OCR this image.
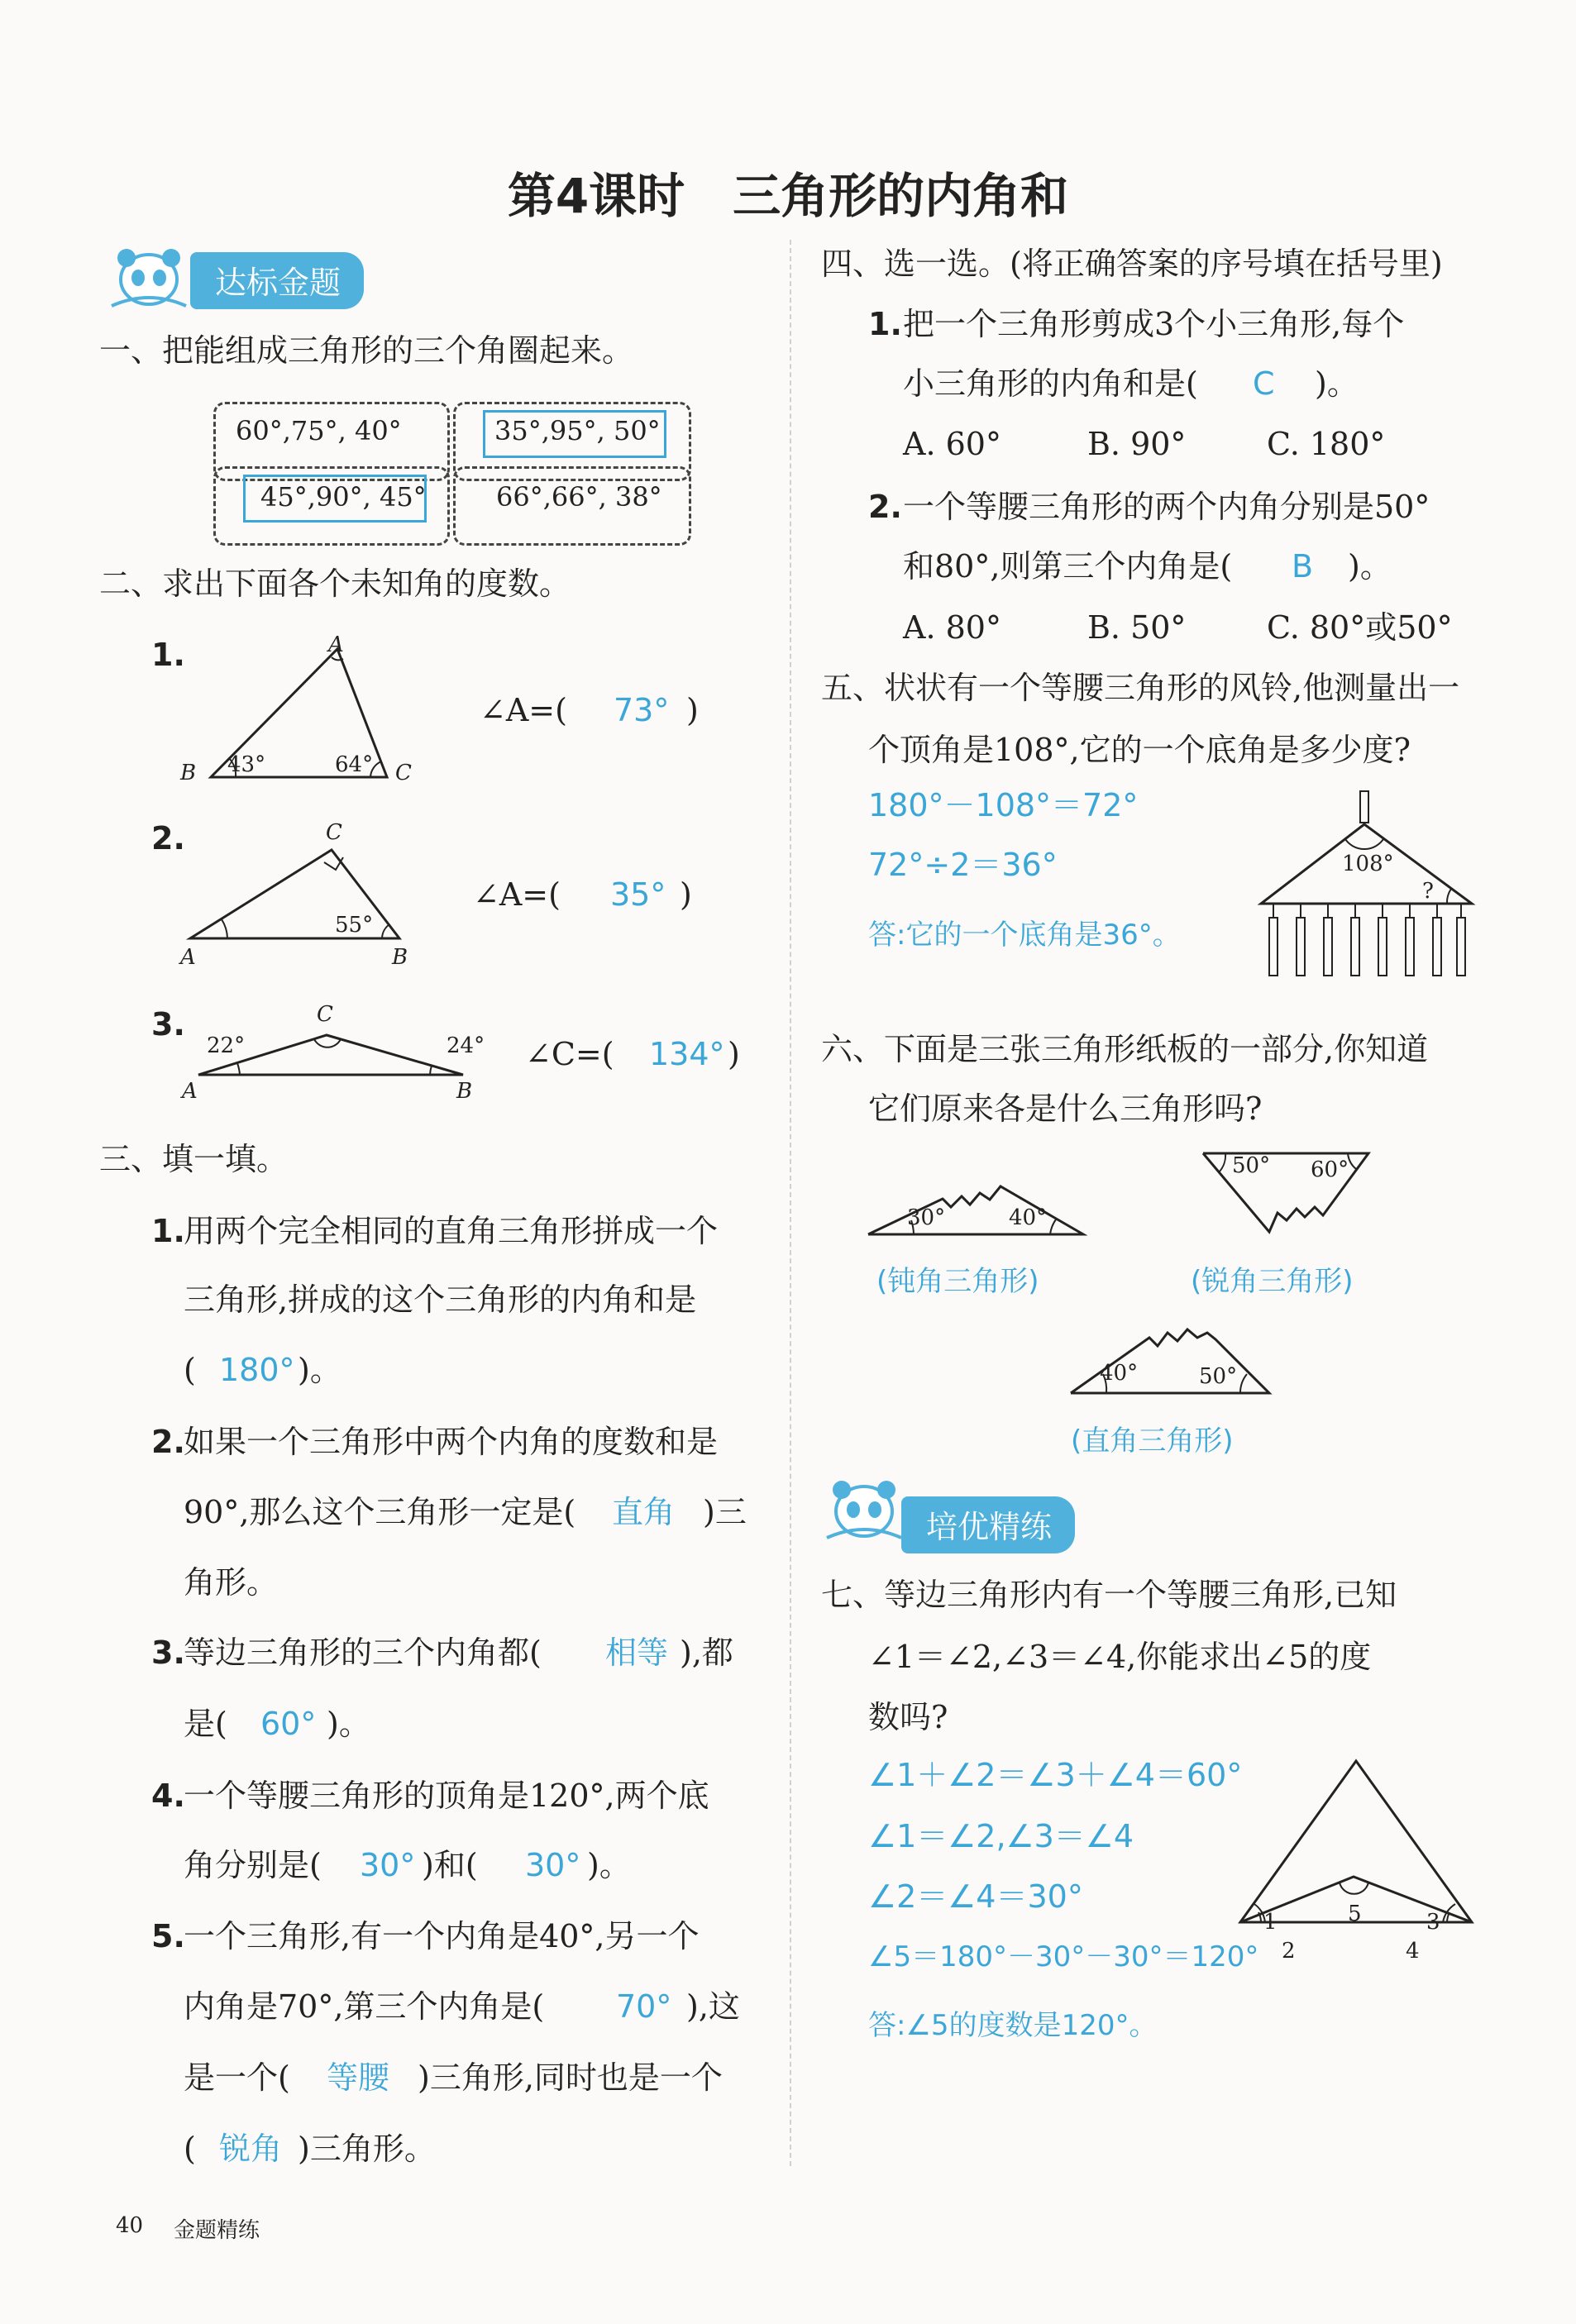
第4课时　三角形的内角和
达标金题
一、把能组成三角形的三个角圈起来。
60°,75°, 40°	35°,95°, 50°
45°,90°, 45°	66°,66°, 38°
二、求出下面各个未知角的度数。
1.	A
B	C
43°	64°
∠A=( 73° )
2.	C
A	B
55°
∠A=( 35° )
3.	C
A	B
22°	24° ∠C=( 134° )
三、填一填。
1.
用两个完全相同的直角三角形拼成一个
三角形,拼成的这个三角形的内角和是
( 180° )。
2.
如果一个三角形中两个内角的度数和是
90°,那么这个三角形一定是( 直角 )三
角形。
3.
等边三角形的三个内角都( 相等 ),都
是( 60° )。
4.
一个等腰三角形的顶角是120°,两个底
角分别是( 30° )和( 30° )。
5.
一个三角形,有一个内角是40°,另一个
内角是70°,第三个内角是( 70° ),这
是一个( 等腰 )三角形,同时也是一个
( 锐角 )三角形。
四、选一选。(将正确答案的序号填在括号里)
1. 把一个三角形剪成3个小三角形,每个
小三角形的内角和是( C )。
A. 60°	B. 90°	C. 180°
2. 一个等腰三角形的两个内角分别是50°
和80°,则第三个内角是( B )。
A. 80°	B. 50°	C. 80°或50°
五、状状有一个等腰三角形的风铃,他测量出一
个顶角是108°,它的一个底角是多少度?
180°－108°＝72°
72°÷2＝36°
答:它的一个底角是36°。
108°
?
六、下面是三张三角形纸板的一部分,你知道
它们原来各是什么三角形吗?
30°	40°
(钝角三角形)
50° 60°
(锐角三角形)
40°	50°
(直角三角形)
培优精练
七、等边三角形内有一个等腰三角形,已知
∠1＝∠2,∠3＝∠4,你能求出∠5的度
数吗?
∠1＋∠2＝∠3＋∠4＝60°
∠1＝∠2,∠3＝∠4
∠2＝∠4＝30°
∠5＝180°－30°－30°＝120°
答:∠5的度数是120°。
1
2
5	3
4
40 金题精练
